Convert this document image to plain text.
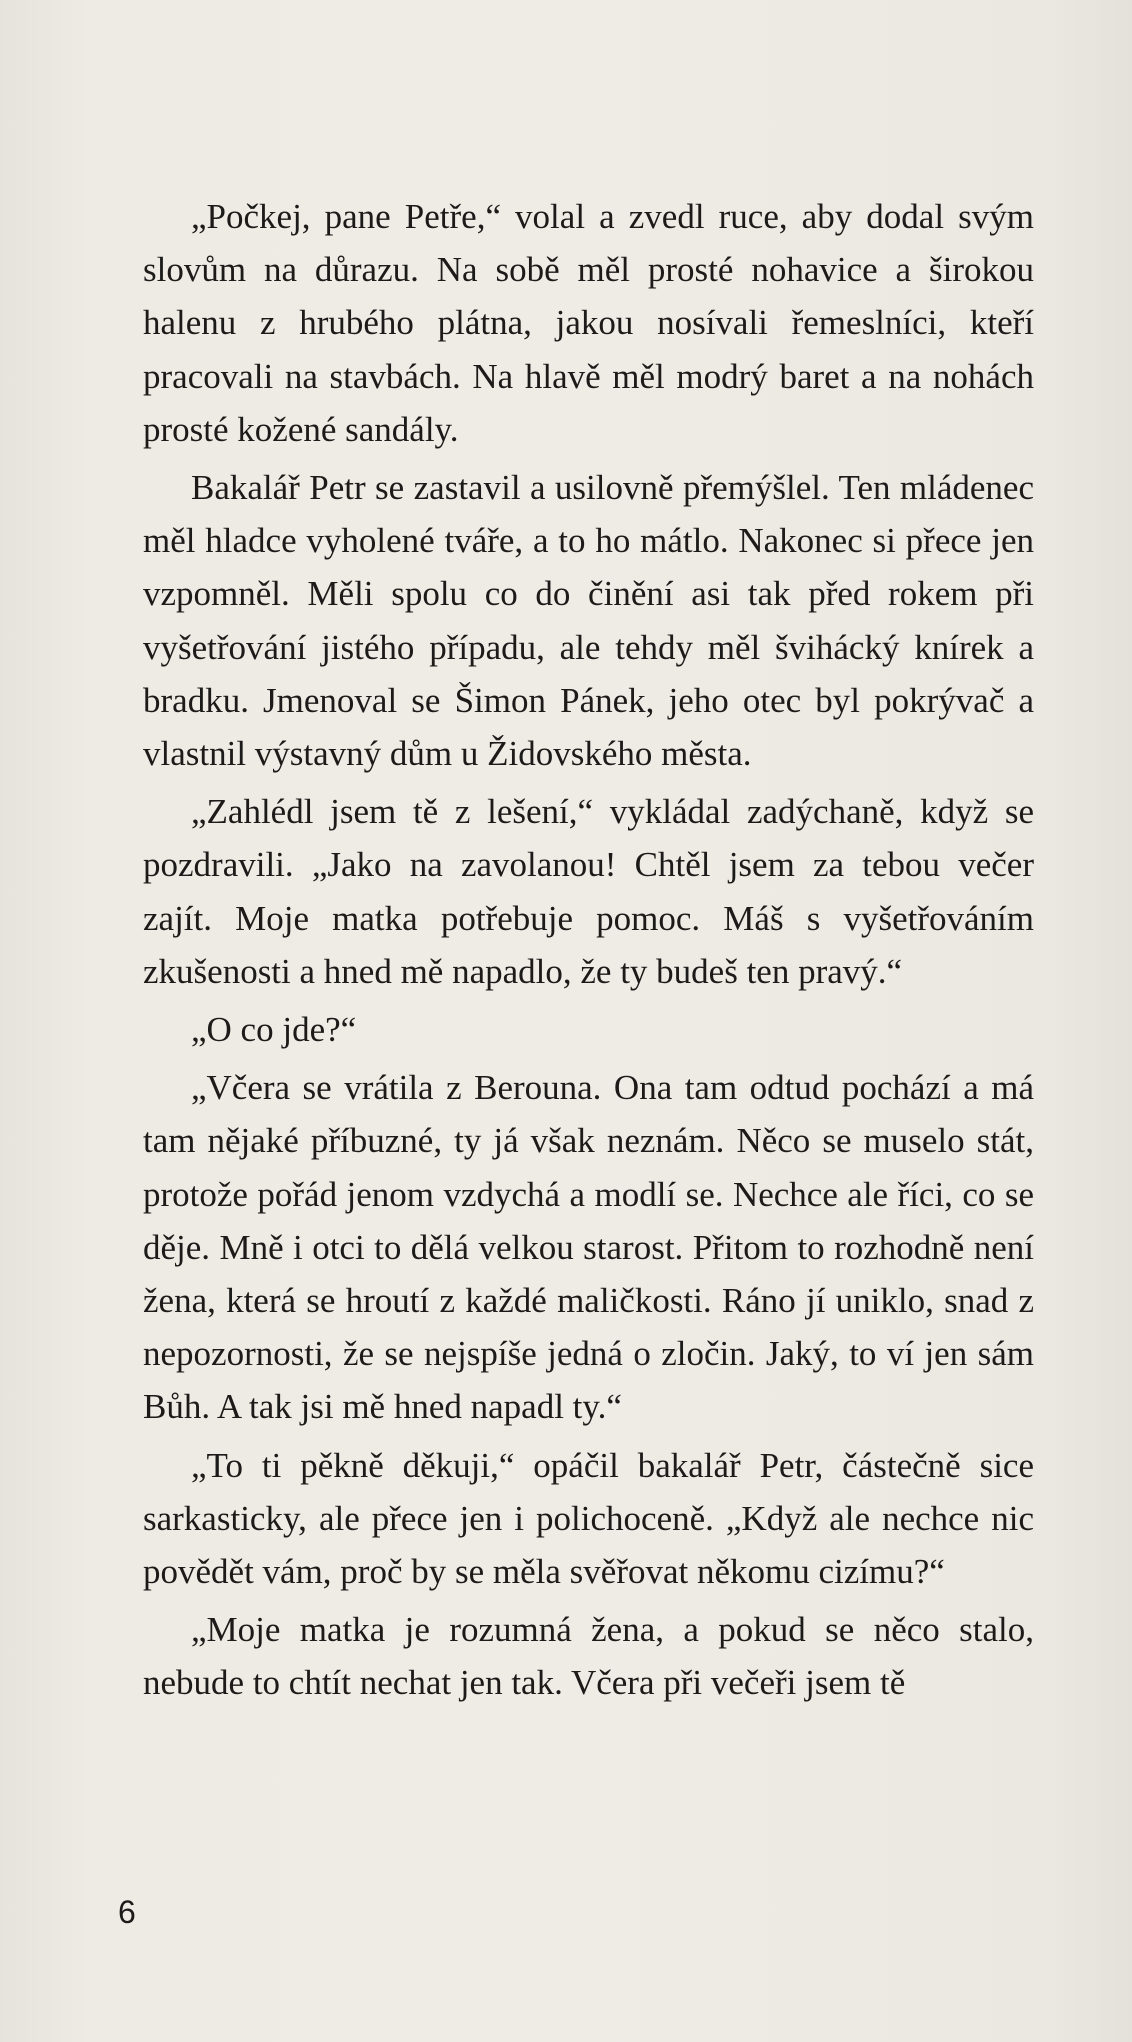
„Počkej, pane Petře,“ volal a zvedl ruce, aby dodal svým slovům na důrazu. Na sobě měl prosté nohavice a širokou halenu z hrubého plátna, jakou nosívali řemeslníci, kteří pracovali na stavbách. Na hlavě měl modrý baret a na nohách prosté kožené sandály.

Bakalář Petr se zastavil a usilovně přemýšlel. Ten mládenec měl hladce vyholené tváře, a to ho mátlo. Nakonec si přece jen vzpomněl. Měli spolu co do činění asi tak před rokem při vyšetřování jistého případu, ale tehdy měl švihácký knírek a bradku. Jmenoval se Šimon Pánek, jeho otec byl pokrývač a vlastnil výstavný dům u Židovského města.

„Zahlédl jsem tě z lešení,“ vykládal zadýchaně, když se pozdravili. „Jako na zavolanou! Chtěl jsem za tebou večer zajít. Moje matka potřebuje pomoc. Máš s vyšetřováním zkušenosti a hned mě napadlo, že ty budeš ten pravý.“

„O co jde?“

„Včera se vrátila z Berouna. Ona tam odtud pochází a má tam nějaké příbuzné, ty já však neznám. Něco se muselo stát, protože pořád jenom vzdychá a modlí se. Nechce ale říci, co se děje. Mně i otci to dělá velkou starost. Přitom to rozhodně není žena, která se hroutí z každé maličkosti. Ráno jí uniklo, snad z nepozornosti, že se nejspíše jedná o zločin. Jaký, to ví jen sám Bůh. A tak jsi mě hned napadl ty.“

„To ti pěkně děkuji,“ opáčil bakalář Petr, částečně sice sarkasticky, ale přece jen i polichoceně. „Když ale nechce nic povědět vám, proč by se měla svěřovat někomu cizímu?“

„Moje matka je rozumná žena, a pokud se něco stalo, nebude to chtít nechat jen tak. Včera při večeři jsem tě

6
